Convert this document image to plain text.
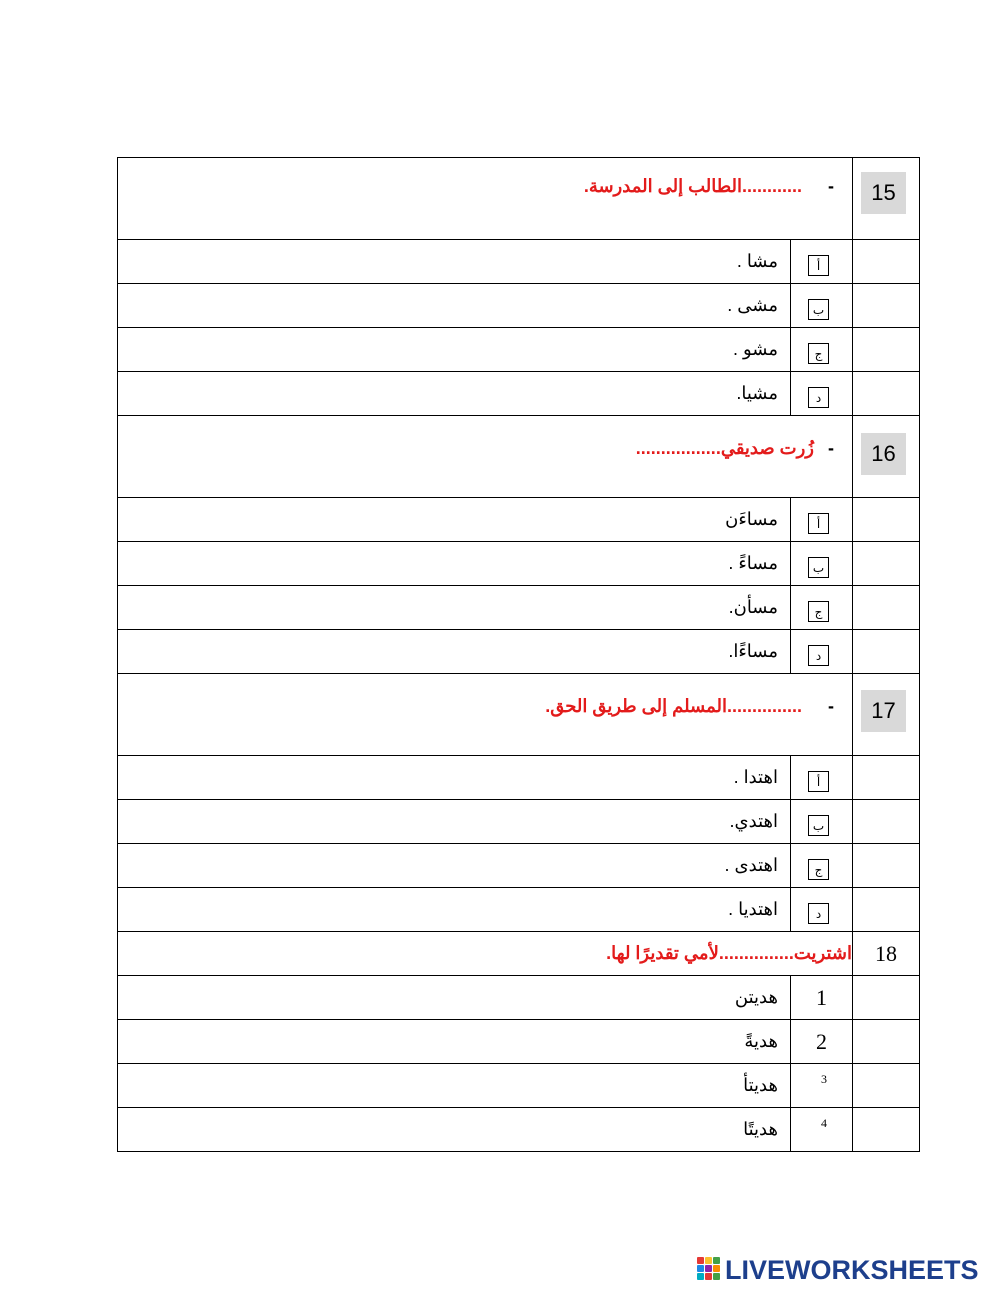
15	-............الطالب إلى المدرسة.	

أ	مشا .

ب	مشى .

ج	مشو .

د	مشيا.

16	-زُرت صديقي.................	

أ	مساءَن

ب	مساءً .

ج	مسأن.

د	مساءًا.

17	-...............المسلم إلى طريق الحق.	

أ	اهتدا .

ب	اهتدي.

ج	اهتدى .

د	اهتديا .
18	اشتريت...............لأمي تقديرًا لها.	
	1	هديتن
	2	هديةً

	3	هديتأ

	4	هديتًا
LIVEWORKSHEETS
